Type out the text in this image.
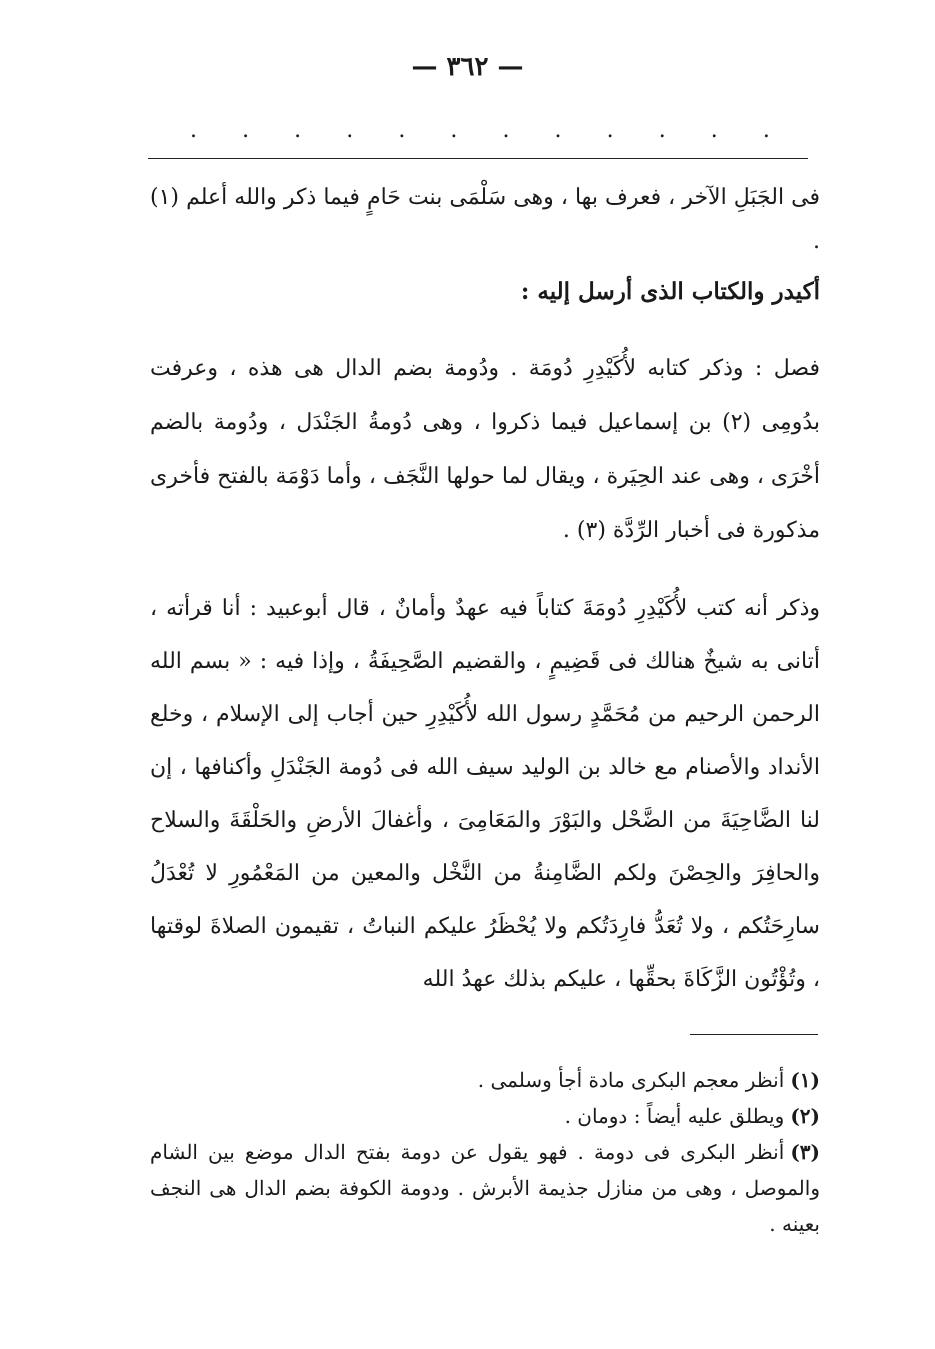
— ٣٦٢ —
. . . . . . . . . . . .

فى الجَبَلِ الآخر ، فعرف بها ، وهى سَلْمَى بنت حَامٍ فيما ذكر والله أعلم (١) .

أكيدر والكتاب الذى أرسل إليه :

فصل : وذكر كتابه لأُكَيْدِرِ دُومَة . ودُومة بضم الدال هى هذه ، وعرفت بدُومِى (٢) بن إسماعيل فيما ذكروا ، وهى دُومةُ الجَنْدَل ، ودُومة بالضم أخْرَى ، وهى عند الحِيَرة ، ويقال لما حولها النَّجَف ، وأما دَوْمَة بالفتح فأخرى مذكورة فى أخبار الرِّدَّة (٣) .

وذكر أنه كتب لأُكَيْدِرِ دُومَةَ كتاباً فيه عهدٌ وأمانٌ ، قال أبوعبيد : أنا قرأته ، أتانى به شيخٌ هنالك فى قَضِيمٍ ، والقضيم الصَّحِيفَةُ ، وإذا فيه : « بسم الله الرحمن الرحيم من مُحَمَّدٍ رسول الله لأُكَيْدِرِ حين أجاب إلى الإسلام ، وخلع الأنداد والأصنام مع خالد بن الوليد سيف الله فى دُومة الجَنْدَلِ وأكنافها ، إن لنا الضَّاحِيَةَ من الضَّحْل والبَوْرَ والمَعَامِىَ ، وأغفالَ الأرضِ والحَلْقَةَ والسلاح والحافِرَ والحِصْنَ ولكم الضَّامِنةُ من النَّخْل والمعين من المَعْمُورِ لا تُعْدَلُ سارِحَتُكم ، ولا تُعَدُّ فارِدَتُكم ولا يُحْظَرُ عليكم النباتُ ، تقيمون الصلاةَ لوقتها ، وتُؤْتُون الزَّكَاةَ بحقِّها ، عليكم بذلك عهدُ الله

(١)أنظر معجم البكرى مادة أجأ وسلمى .
(٢)ويطلق عليه أيضاً : دومان .
(٣)أنظر البكرى فى دومة . فهو يقول عن دومة بفتح الدال موضع بين الشام والموصل ، وهى من منازل جذيمة الأبرش . ودومة الكوفة بضم الدال هى النجف بعينه .
